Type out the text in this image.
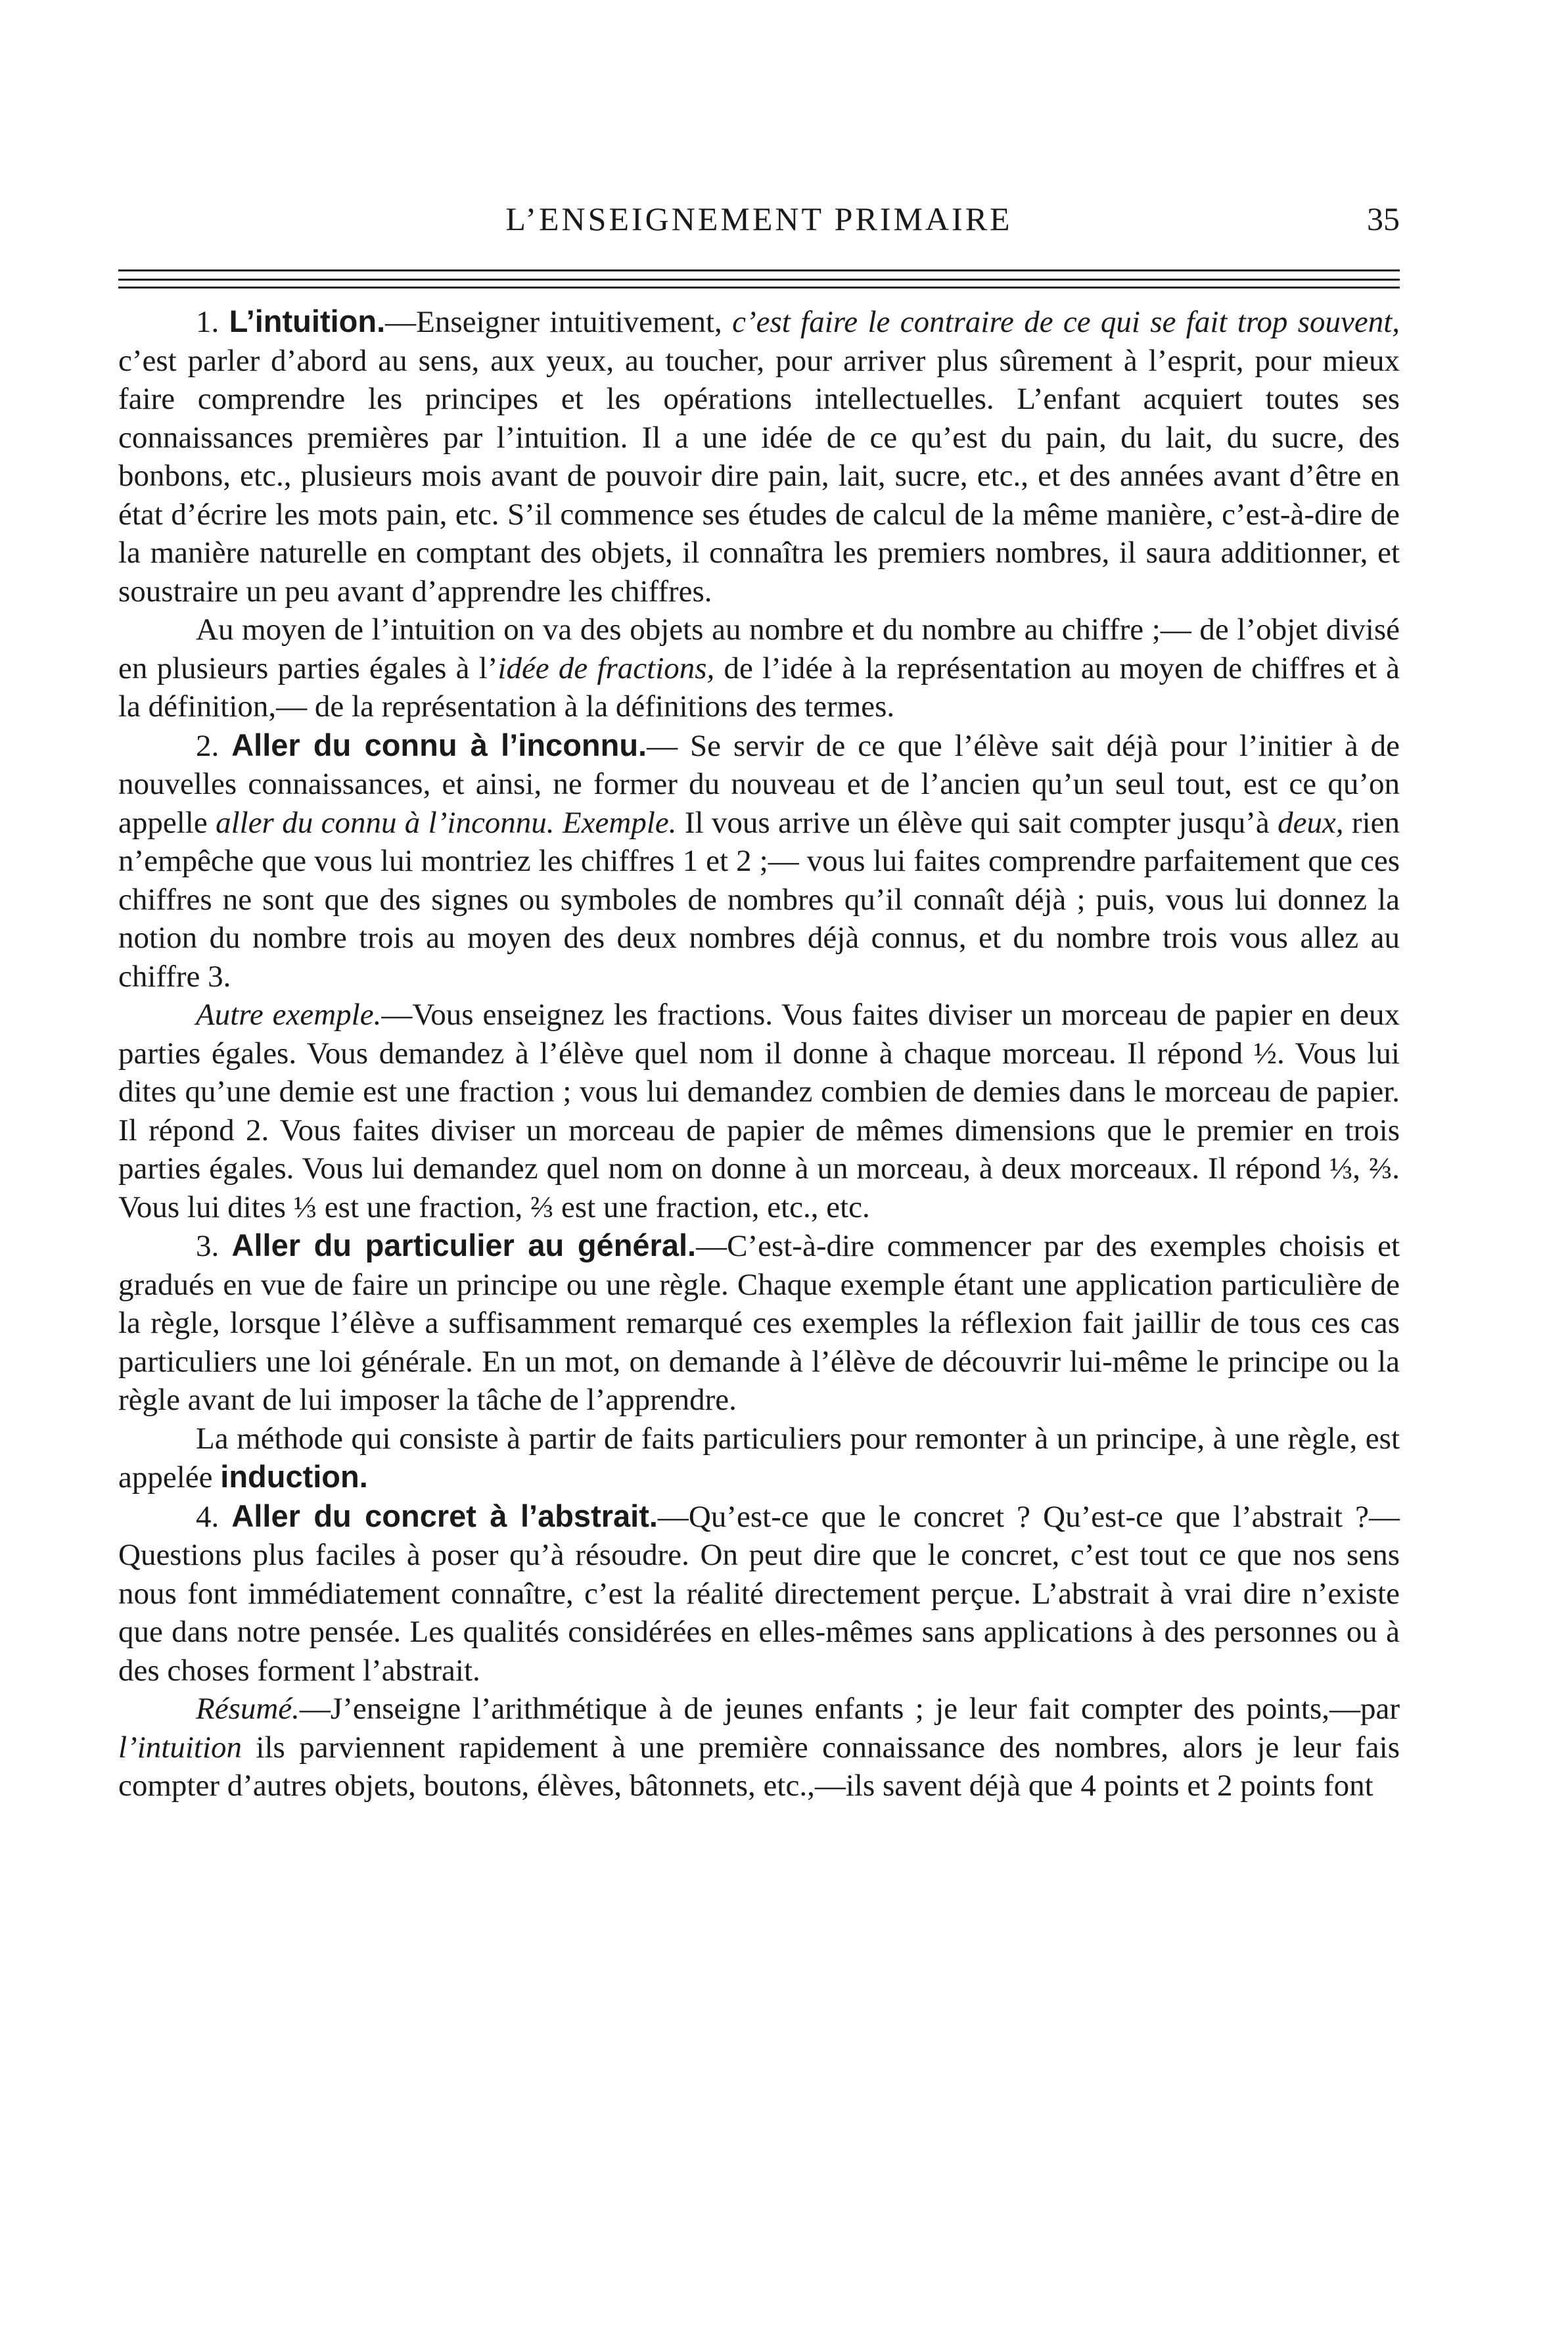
L’ENSEIGNEMENT PRIMAIRE	35

1. L’intuition.—Enseigner intuitivement, c’est faire le contraire de ce qui se fait trop souvent, c’est parler d’abord au sens, aux yeux, au toucher, pour arriver plus sûrement à l’esprit, pour mieux faire comprendre les principes et les opérations intellectuelles. L’enfant acquiert toutes ses connaissances premières par l’intuition. Il a une idée de ce qu’est du pain, du lait, du sucre, des bonbons, etc., plusieurs mois avant de pouvoir dire pain, lait, sucre, etc., et des années avant d’être en état d’écrire les mots pain, etc. S’il commence ses études de calcul de la même manière, c’est-à-dire de la manière naturelle en comptant des objets, il connaîtra les premiers nombres, il saura additionner, et soustraire un peu avant d’apprendre les chiffres.

Au moyen de l’intuition on va des objets au nombre et du nombre au chiffre ;— de l’objet divisé en plusieurs parties égales à l’idée de fractions, de l’idée à la représentation au moyen de chiffres et à la définition,— de la représentation à la définitions des termes.

2. Aller du connu à l’inconnu.— Se servir de ce que l’élève sait déjà pour l’initier à de nouvelles connaissances, et ainsi, ne former du nouveau et de l’ancien qu’un seul tout, est ce qu’on appelle aller du connu à l’inconnu. Exemple. Il vous arrive un élève qui sait compter jusqu’à deux, rien n’empêche que vous lui montriez les chiffres 1 et 2 ;— vous lui faites comprendre parfaitement que ces chiffres ne sont que des signes ou symboles de nombres qu’il connaît déjà ; puis, vous lui donnez la notion du nombre trois au moyen des deux nombres déjà connus, et du nombre trois vous allez au chiffre 3.

Autre exemple.—Vous enseignez les fractions. Vous faites diviser un morceau de papier en deux parties égales. Vous demandez à l’élève quel nom il donne à chaque morceau. Il répond ½. Vous lui dites qu’une demie est une fraction ; vous lui demandez combien de demies dans le morceau de papier. Il répond 2. Vous faites diviser un morceau de papier de mêmes dimensions que le premier en trois parties égales. Vous lui demandez quel nom on donne à un morceau, à deux morceaux. Il répond ⅓, ⅔. Vous lui dites ⅓ est une fraction, ⅔ est une fraction, etc., etc.

3. Aller du particulier au général.—C’est-à-dire commencer par des exemples choisis et gradués en vue de faire un principe ou une règle. Chaque exemple étant une application particulière de la règle, lorsque l’élève a suffisamment remarqué ces exemples la réflexion fait jaillir de tous ces cas particuliers une loi générale. En un mot, on demande à l’élève de découvrir lui-même le principe ou la règle avant de lui imposer la tâche de l’apprendre.

La méthode qui consiste à partir de faits particuliers pour remonter à un principe, à une règle, est appelée induction.

4. Aller du concret à l’abstrait.—Qu’est-ce que le concret ? Qu’est-ce que l’abstrait ?—Questions plus faciles à poser qu’à résoudre. On peut dire que le concret, c’est tout ce que nos sens nous font immédiatement connaître, c’est la réalité directement perçue. L’abstrait à vrai dire n’existe que dans notre pensée. Les qualités considérées en elles-mêmes sans applications à des personnes ou à des choses forment l’abstrait.

Résumé.—J’enseigne l’arithmétique à de jeunes enfants ; je leur fait compter des points,—par l’intuition ils parviennent rapidement à une première connaissance des nombres, alors je leur fais compter d’autres objets, boutons, élèves, bâtonnets, etc.,—ils savent déjà que 4 points et 2 points font
